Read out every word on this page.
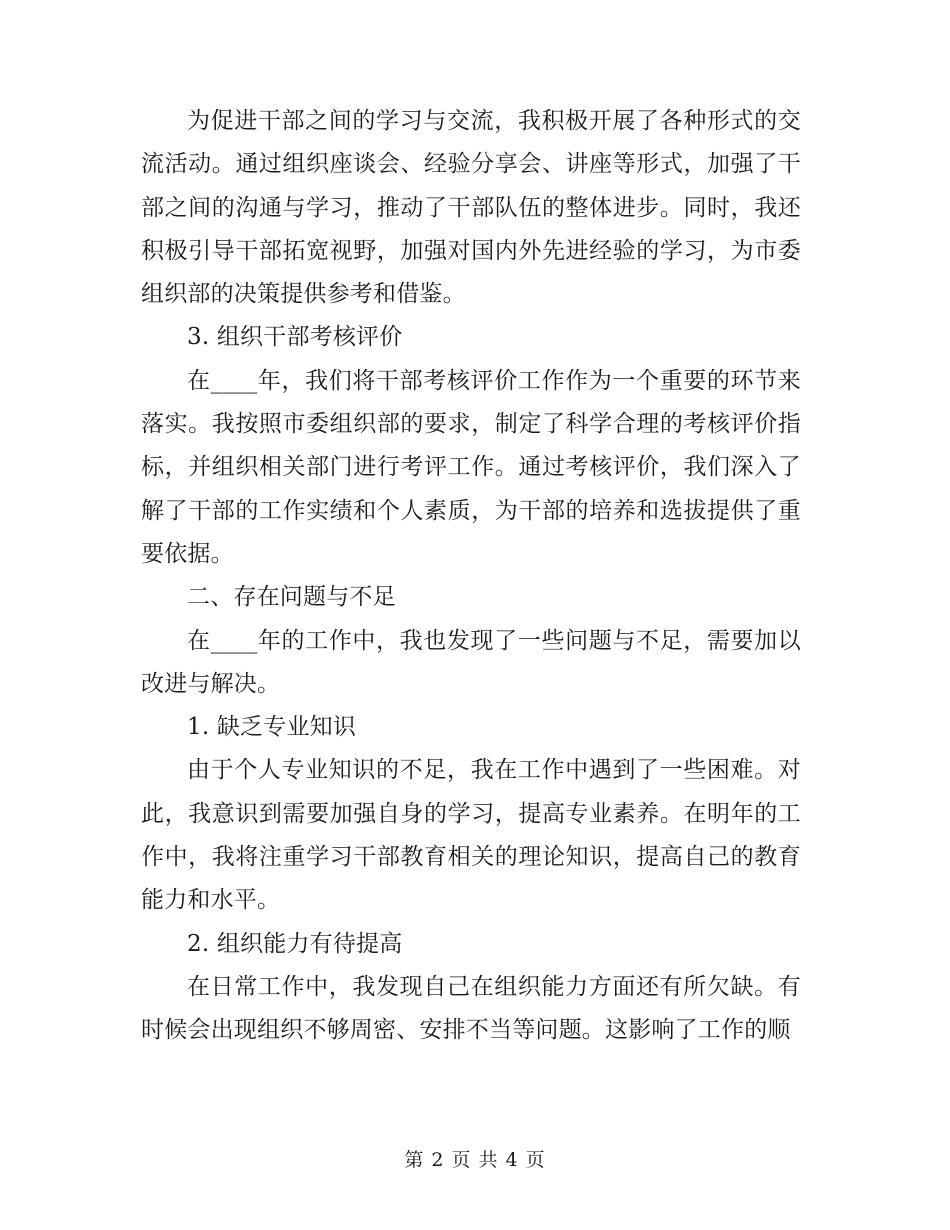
为促进干部之间的学习与交流，我积极开展了各种形式的交流活动。通过组织座谈会、经验分享会、讲座等形式，加强了干部之间的沟通与学习，推动了干部队伍的整体进步。同时，我还积极引导干部拓宽视野，加强对国内外先进经验的学习，为市委组织部的决策提供参考和借鉴。

3. 组织干部考核评价

在____年，我们将干部考核评价工作作为一个重要的环节来落实。我按照市委组织部的要求，制定了科学合理的考核评价指标，并组织相关部门进行考评工作。通过考核评价，我们深入了解了干部的工作实绩和个人素质，为干部的培养和选拔提供了重要依据。

二、存在问题与不足

在____年的工作中，我也发现了一些问题与不足，需要加以改进与解决。

1. 缺乏专业知识

由于个人专业知识的不足，我在工作中遇到了一些困难。对此，我意识到需要加强自身的学习，提高专业素养。在明年的工作中，我将注重学习干部教育相关的理论知识，提高自己的教育能力和水平。

2. 组织能力有待提高

在日常工作中，我发现自己在组织能力方面还有所欠缺。有时候会出现组织不够周密、安排不当等问题。这影响了工作的顺

第 2 页 共 4 页
